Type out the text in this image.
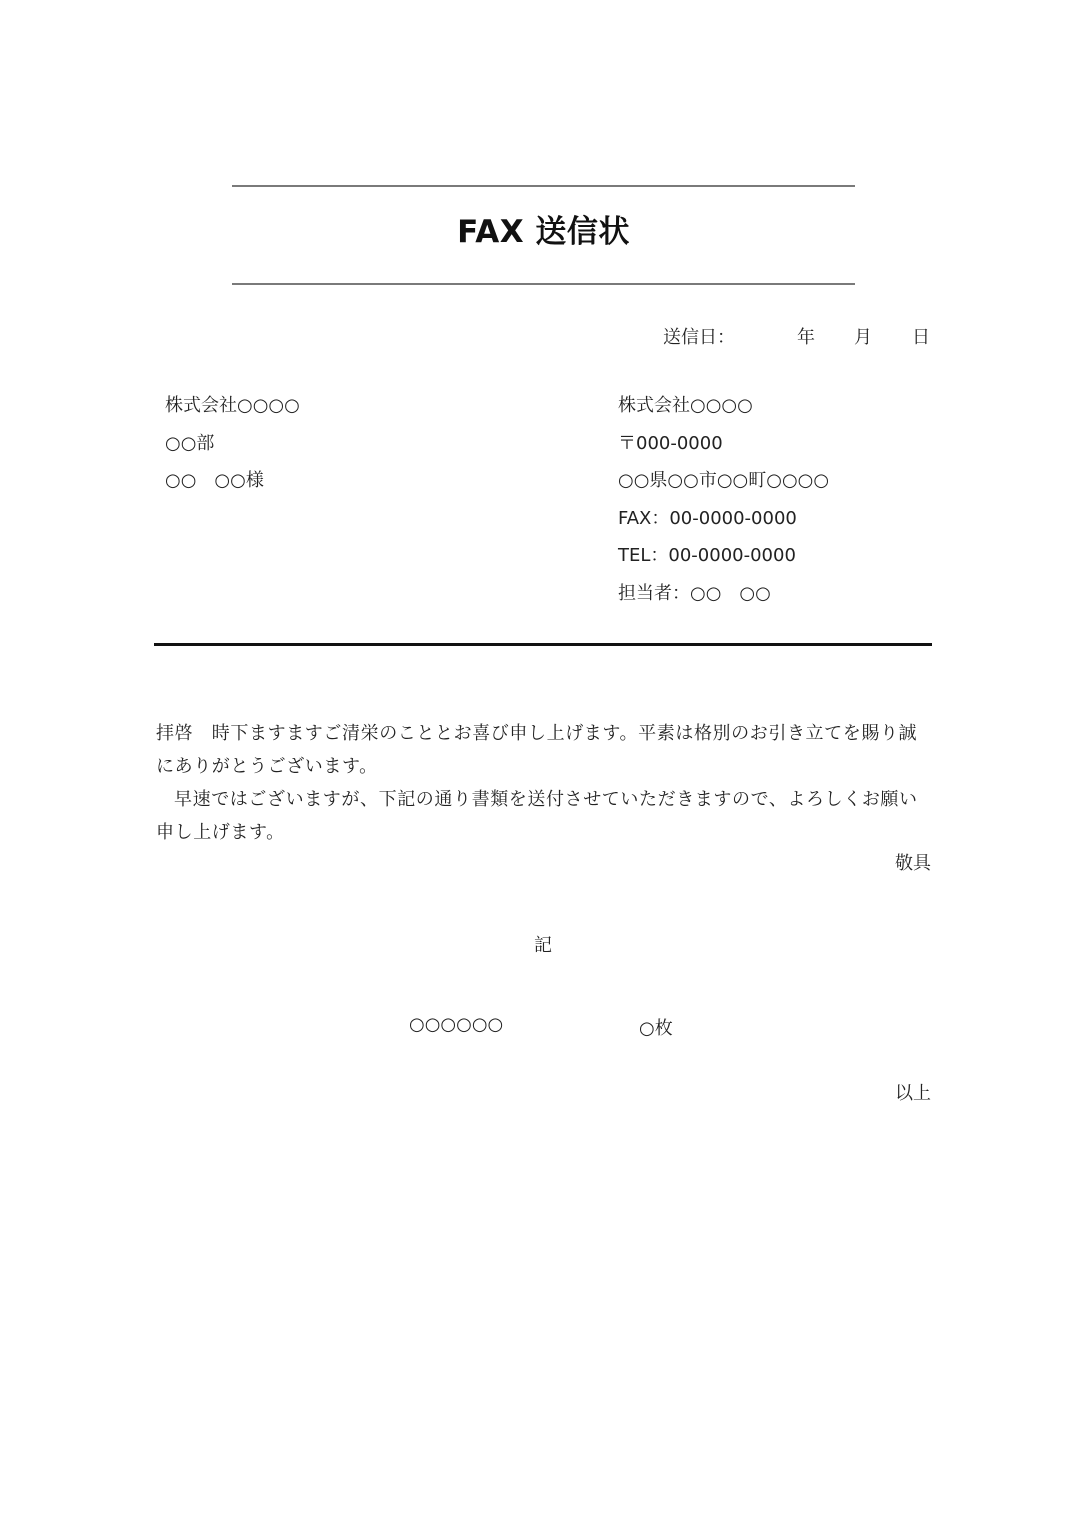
FAX 送信状
送信日：	年 月 日
株式会社○○○○
○○部
○○　○○様
株式会社○○○○
〒000-0000
○○県○○市○○町○○○○
FAX：00-0000-0000
TEL：00-0000-0000
担当者：○○　○○

拝啓　時下ますますご清栄のこととお喜び申し上げます。平素は格別のお引き立てを賜り誠にありがとうございます。

早速ではございますが、下記の通り書類を送付させていただきますので、よろしくお願い申し上げます。

敬具
記
○○○○○○	○枚
以上
